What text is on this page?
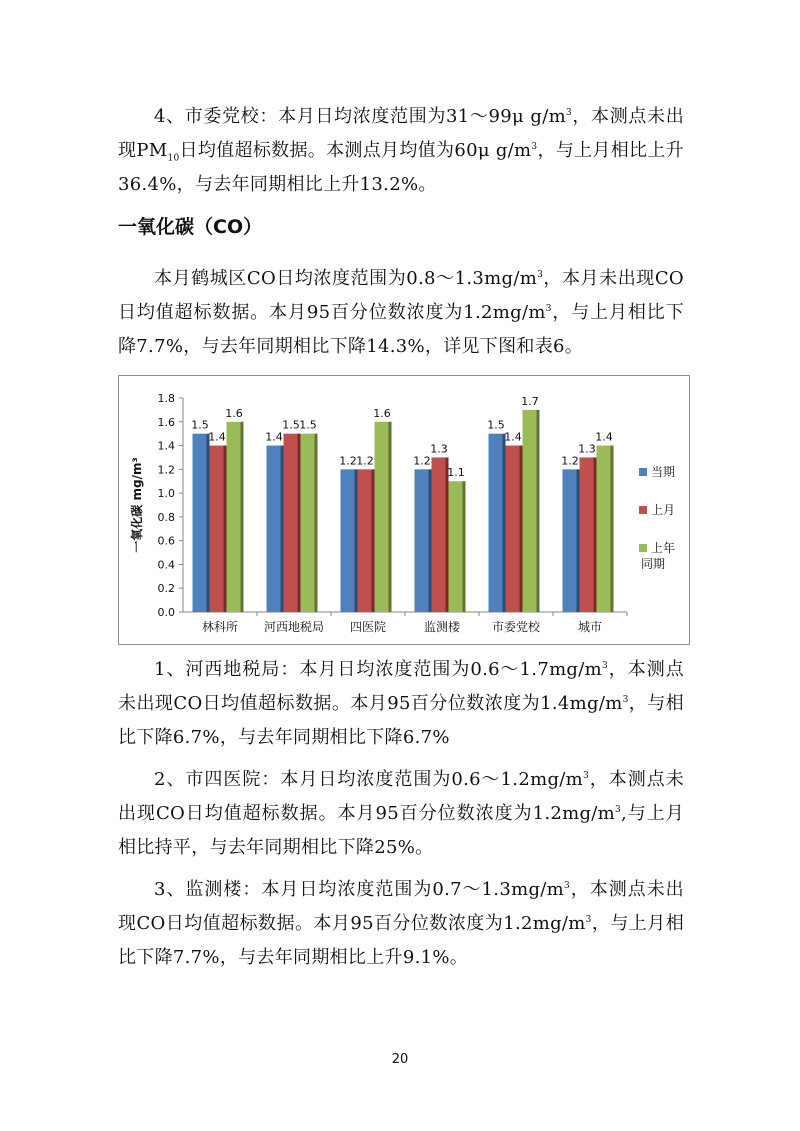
4、市委党校：本月日均浓度范围为31～99μ $g/m^3$，本测点未出现$PM_{10}$日均值超标数据。本测点月均值为60μ $g/m^3$，与上月相比上升36.4%，与去年同期相比上升13.2%。

一氧化碳（CO）

本月鹤城区CO日均浓度范围为$0.8\sim 1.3mg/m^3$，本月未出现CO日均值超标数据。本月95百分位数浓度为$1.2mg/m^3$，与上月相比下降7.7%，与去年同期相比下降14.3%，详见下图和表6。

0.0
0.2
0.4
0.6
0.8
1.0
1.2
1.4
1.6
1.8
一氧化碳 mg/m³
1.5
1.4
1.6
林科所
1.4
1.5 1.5
河西地税局
1.2 1.2
1.6
四医院
1.2
1.3
1.1
监测楼
1.5
1.4
1.7
市委党校
1.2
1.3
1.4
城市
当期
上月
上年同期

1、河西地税局：本月日均浓度范围为$0.6\sim 1.7mg/m^3$，本测点未出现CO日均值超标数据。本月95百分位数浓度为$1.4mg/m^3$，与相比下降6.7%，与去年同期相比下降6.7%

2、市四医院：本月日均浓度范围为$0.6\sim 1.2mg/m^3$，本测点未出现CO日均值超标数据。本月95百分位数浓度为$1.2mg/m^3$,与上月相比持平，与去年同期相比下降25%。

3、监测楼：本月日均浓度范围为$0.7\sim 1.3mg/m^3$，本测点未出现CO日均值超标数据。本月95百分位数浓度为$1.2mg/m^3$，与上月相比下降7.7%，与去年同期相比上升9.1%。

20
